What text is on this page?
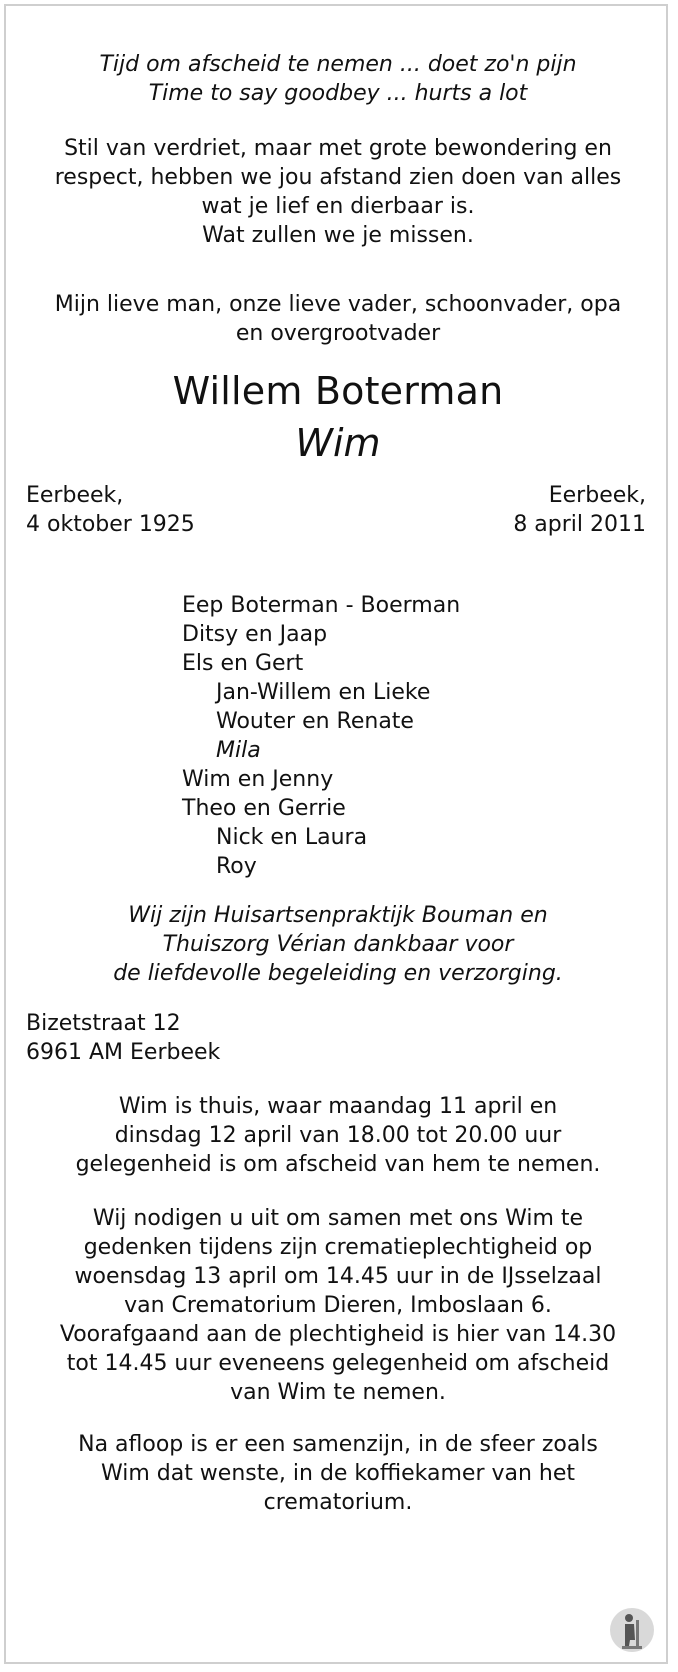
Tijd om afscheid te nemen ... doet zo'n pijn
Time to say goodbey ... hurts a lot
Stil van verdriet, maar met grote bewondering en
respect, hebben we jou afstand zien doen van alles
wat je lief en dierbaar is.
Wat zullen we je missen.
Mijn lieve man, onze lieve vader, schoonvader, opa
en overgrootvader
Willem Boterman
Wim
Eerbeek,
4 oktober 1925
Eerbeek,
8 april 2011
Eep Boterman - Boerman
Ditsy en Jaap
Els en Gert
Jan-Willem en Lieke
Wouter en Renate
Mila
Wim en Jenny
Theo en Gerrie
Nick en Laura
Roy
Wij zijn Huisartsenpraktijk Bouman en
Thuiszorg Vérian dankbaar voor
de liefdevolle begeleiding en verzorging.
Bizetstraat 12
6961 AM Eerbeek
Wim is thuis, waar maandag 11 april en
dinsdag 12 april van 18.00 tot 20.00 uur
gelegenheid is om afscheid van hem te nemen.
Wij nodigen u uit om samen met ons Wim te
gedenken tijdens zijn crematieplechtigheid op
woensdag 13 april om 14.45 uur in de IJsselzaal
van Crematorium Dieren, Imboslaan 6.
Voorafgaand aan de plechtigheid is hier van 14.30
tot 14.45 uur eveneens gelegenheid om afscheid
van Wim te nemen.
Na afloop is er een samenzijn, in de sfeer zoals
Wim dat wenste, in de koffiekamer van het
crematorium.
